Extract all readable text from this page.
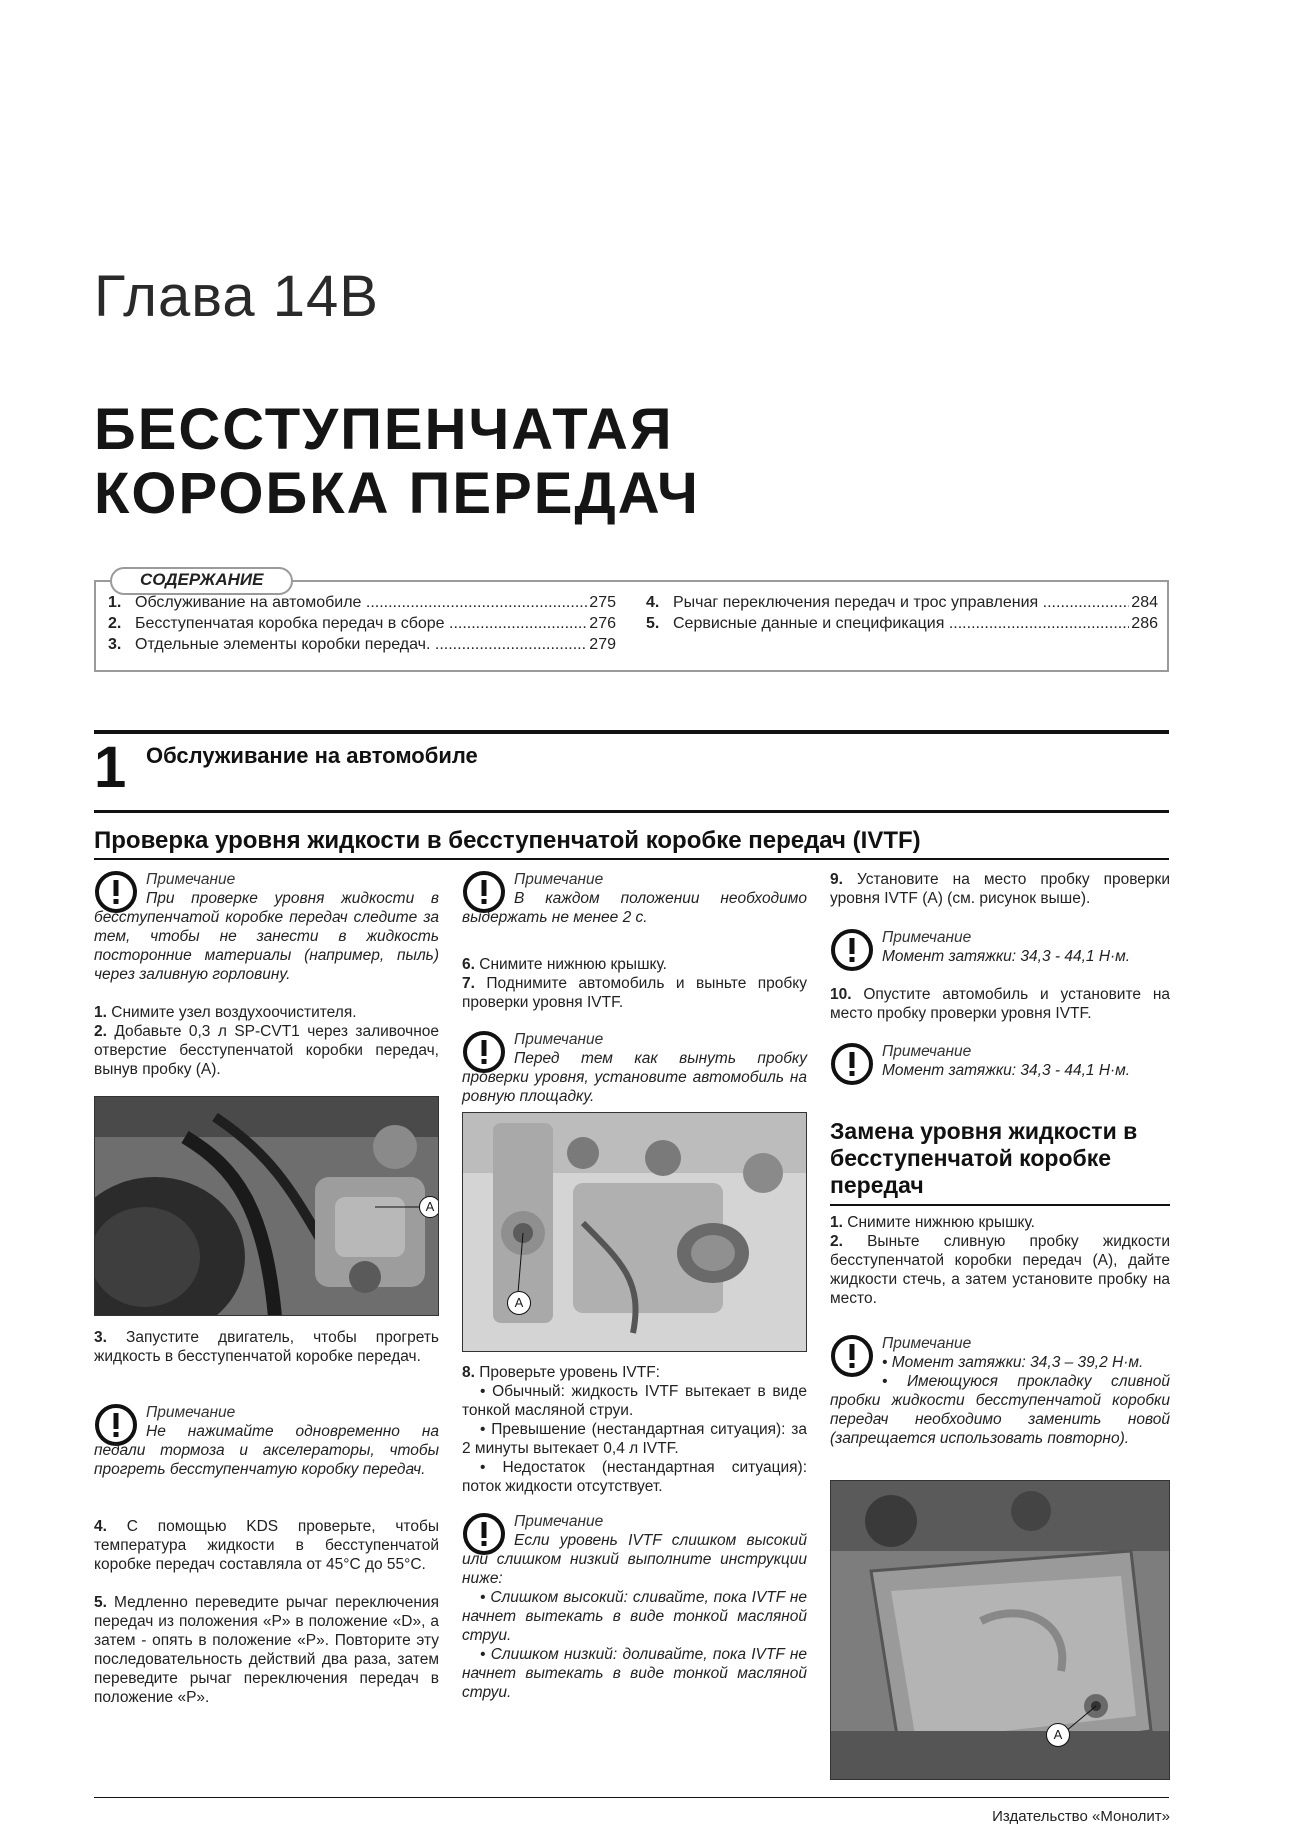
Глава 14В
БЕССТУПЕНЧАТАЯ
КОРОБКА ПЕРЕДАЧ
СОДЕРЖАНИЕ
1. Обслуживание на автомобиле .....	275
2. Бесступенчатая коробка передач в сборе .....	276
3. Отдельные элементы коробки передач. .....	279
4. Рычаг переключения передач и трос управления .....	284
5. Сервисные данные и спецификация .....	286
1 Обслуживание на автомобиле
Проверка уровня жидкости в бесступенчатой коробке передач (IVTF)
Примечание
При проверке уровня жидкости в бесступенчатой коробке передач следите за тем, чтобы не занести в жидкость посторонние материалы (например, пыль) через заливную горловину.
1. Снимите узел воздухоочистителя.
2. Добавьте 0,3 л SP-CVT1 через заливочное отверстие бесступенчатой коробки передач, вынув пробку (А).
A
3. Запустите двигатель, чтобы прогреть жидкость в бесступенчатой коробке передач.
Примечание
Не нажимайте одновременно на педали тормоза и акселераторы, чтобы прогреть бесступенчатую коробку передач.
4. С помощью KDS проверьте, чтобы температура жидкости в бесступенчатой коробке передач составляла от 45°С до 55°С.
5. Медленно переведите рычаг переключения передач из положения «P» в положение «D», а затем - опять в положение «P». Повторите эту последовательность действий два раза, затем переведите рычаг переключения передач в положение «P».
Примечание
В каждом положении необходимо выдержать не менее 2 с.
6. Снимите нижнюю крышку.
7. Поднимите автомобиль и выньте пробку проверки уровня IVTF.
Примечание
Перед тем как вынуть пробку проверки уровня, установите автомобиль на ровную площадку.
A
8. Проверьте уровень IVTF:
• Обычный: жидкость IVTF вытекает в виде тонкой масляной струи.
• Превышение (нестандартная ситуация): за 2 минуты вытекает 0,4 л IVTF.
• Недостаток (нестандартная ситуация): поток жидкости отсутствует.
Примечание
Если уровень IVTF слишком высокий или слишком низкий выполните инструкции ниже:
• Слишком высокий: сливайте, пока IVTF не начнет вытекать в виде тонкой масляной струи.
• Слишком низкий: доливайте, пока IVTF не начнет вытекать в виде тонкой масляной струи.
9. Установите на место пробку проверки уровня IVTF (А) (см. рисунок выше).
Примечание
Момент затяжки: 34,3 - 44,1 Н·м.
10. Опустите автомобиль и установите на место пробку проверки уровня IVTF.
Примечание
Момент затяжки: 34,3 - 44,1 Н·м.
Замена уровня жидкости в бесступенчатой коробке передач
1. Снимите нижнюю крышку.
2. Выньте сливную пробку жидкости бесступенчатой коробки передач (А), дайте жидкости стечь, а затем установите пробку на место.
Примечание
• Момент затяжки: 34,3 – 39,2 Н·м.
• Имеющуюся прокладку сливной пробки жидкости бесступенчатой коробки передач необходимо заменить новой (запрещается использовать повторно).
A
Издательство «Монолит»
